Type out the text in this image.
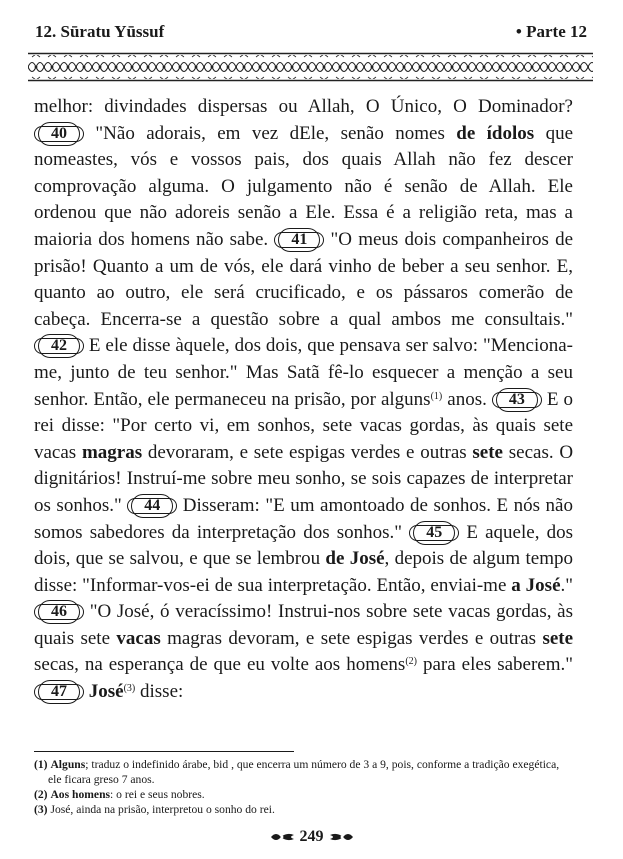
12. Sūratu Yūssuf	• Parte 12

melhor: divindades dispersas ou Allah, O Único, O Dominador? 40 "Não adorais, em vez dEle, senão nomes de ídolos que nomeastes, vós e vossos pais, dos quais Allah não fez descer comprovação alguma. O julgamento não é senão de Allah. Ele ordenou que não adoreis senão a Ele. Essa é a religião reta, mas a maioria dos homens não sabe. 41 "O meus dois companheiros de prisão! Quanto a um de vós, ele dará vinho de beber a seu senhor. E, quanto ao outro, ele será crucificado, e os pássaros comerão de cabeça. Encerra-se a questão sobre a qual ambos me consultais." 42 E ele disse àquele, dos dois, que pensava ser salvo: "Menciona- me, junto de teu senhor." Mas Satã fê-lo esquecer a menção a seu senhor. Então, ele permaneceu na prisão, por alguns$^{(1)}$ anos. 43 E o rei disse: "Por certo vi, em sonhos, sete vacas gordas, às quais sete vacas magras devoraram, e sete espigas verdes e outras sete secas. O dignitários! Instruí-me sobre meu sonho, se sois capazes de interpretar os sonhos." 44 Disseram: "E um amontoado de sonhos. E nós não somos sabedores da interpretação dos sonhos." 45 E aquele, dos dois, que se salvou, e que se lembrou de José, depois de algum tempo disse: "Informar-vos-ei de sua interpretação. Então, enviai-me a José." 46 "O José, ó veracíssimo! Instrui-nos sobre sete vacas gordas, às quais sete vacas magras devoram, e sete espigas verdes e outras sete secas, na esperança de que eu volte aos homens$^{(2)}$ para eles saberem." 47 José$^{(3)}$ disse:

(1) Alguns; traduz o indefinido árabe, bid , que encerra um número de 3 a 9, pois, conforme a tradição exegética, ele ficara greso 7 anos.

(2) Aos homens: o rei e seus nobres.

(3) José, ainda na prisão, interpretou o sonho do rei.

249
